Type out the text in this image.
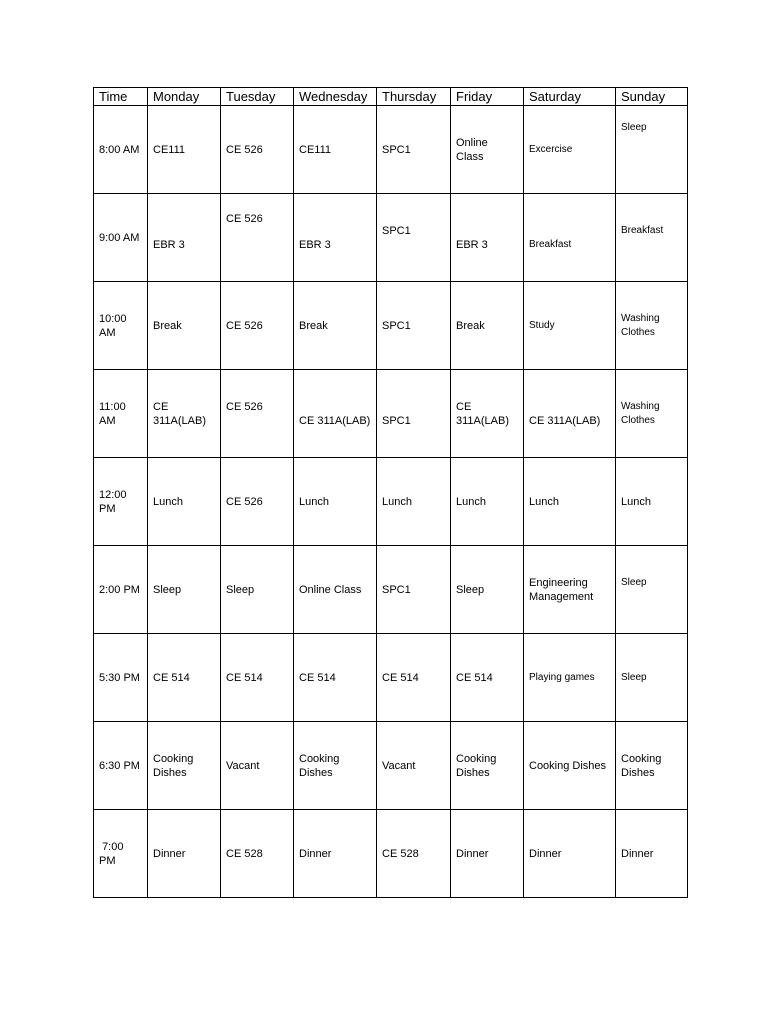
Time	Monday	Tuesday	Wednesday	Thursday	Friday	Saturday	Sunday

8:00 AM	CE111	CE 526	CE111	SPC1	Online Class	Excercise	Sleep

9:00 AM	EBR 3	CE 526	EBR 3	SPC1	EBR 3	Breakfast	Breakfast

10:00 AM	Break	CE 526	Break	SPC1	Break	Study	Washing Clothes

11:00 AM	CE 311A(LAB)	CE 526	CE 311A(LAB)	SPC1	CE 311A(LAB)	CE 311A(LAB)	Washing Clothes

12:00 PM	Lunch	CE 526	Lunch	Lunch	Lunch	Lunch	Lunch

2:00 PM	Sleep	Sleep	Online Class	SPC1	Sleep	Engineering Management	Sleep

5:30 PM	CE 514	CE 514	CE 514	CE 514	CE 514	Playing games	Sleep

6:30 PM	Cooking Dishes	Vacant	Cooking Dishes	Vacant	Cooking Dishes	Cooking Dishes	Cooking Dishes

7:00 PM	Dinner	CE 528	Dinner	CE 528	Dinner	Dinner	Dinner
